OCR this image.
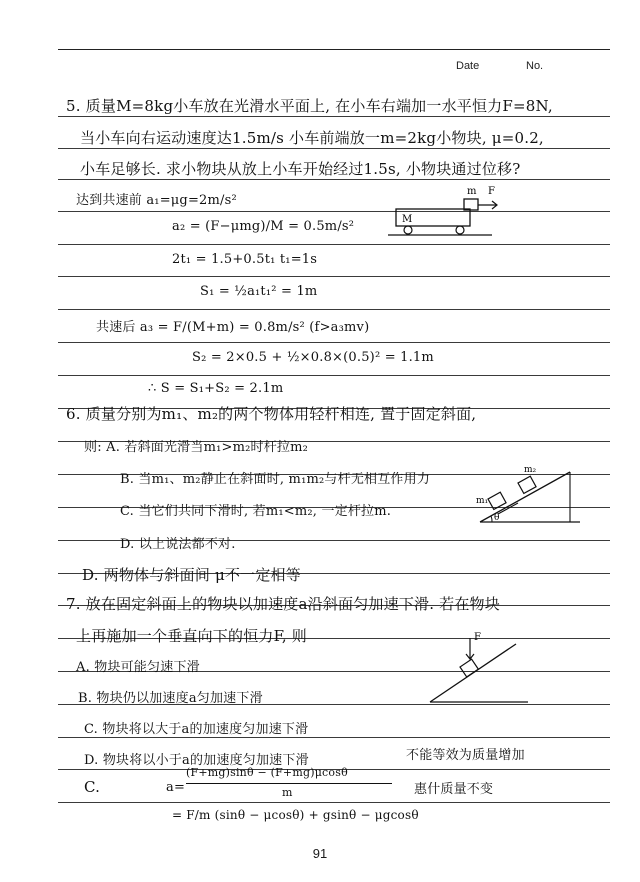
Date	No.
5. 质量M=8kg小车放在光滑水平面上, 在小车右端加一水平恒力F=8N,
当小车向右运动速度达1.5m/s 小车前端放一m=2kg小物块, μ=0.2,
小车足够长. 求小物块从放上小车开始经过1.5s, 小物块通过位移?
达到共速前 a₁=μg=2m/s²
a₂ = (F−μmg)/M = 0.5m/s²
2t₁ = 1.5+0.5t₁ t₁=1s
S₁ = ½a₁t₁² = 1m
共速后 a₃ = F/(M+m) = 0.8m/s² (f>a₃mv)
S₂ = 2×0.5 + ½×0.8×(0.5)² = 1.1m
∴ S = S₁+S₂ = 2.1m
m F
M
6. 质量分别为m₁、m₂的两个物体用轻杆相连, 置于固定斜面,
则: A. 若斜面光滑当m₁>m₂时杆拉m₂
B. 当m₁、m₂静止在斜面时, m₁m₂与杆无相互作用力
C. 当它们共同下滑时, 若m₁<m₂, 一定杆拉m.
D. 以上说法都不对.
D. 两物体与斜面间 μ不一定相等
m₁
m₂
θ
7. 放在固定斜面上的物块以加速度a沿斜面匀加速下滑. 若在物块
上再施加一个垂直向下的恒力F, 则
A. 物块可能匀速下滑
B. 物块仍以加速度a匀加速下滑
C. 物块将以大于a的加速度匀加速下滑
D. 物块将以小于a的加速度匀加速下滑	不能等效为质量增加
惠什质量不变
C.	a=
(F+mg)sinθ − (F+mg)μcosθ
m
= F/m (sinθ − μcosθ) + gsinθ − μgcosθ
F
91
